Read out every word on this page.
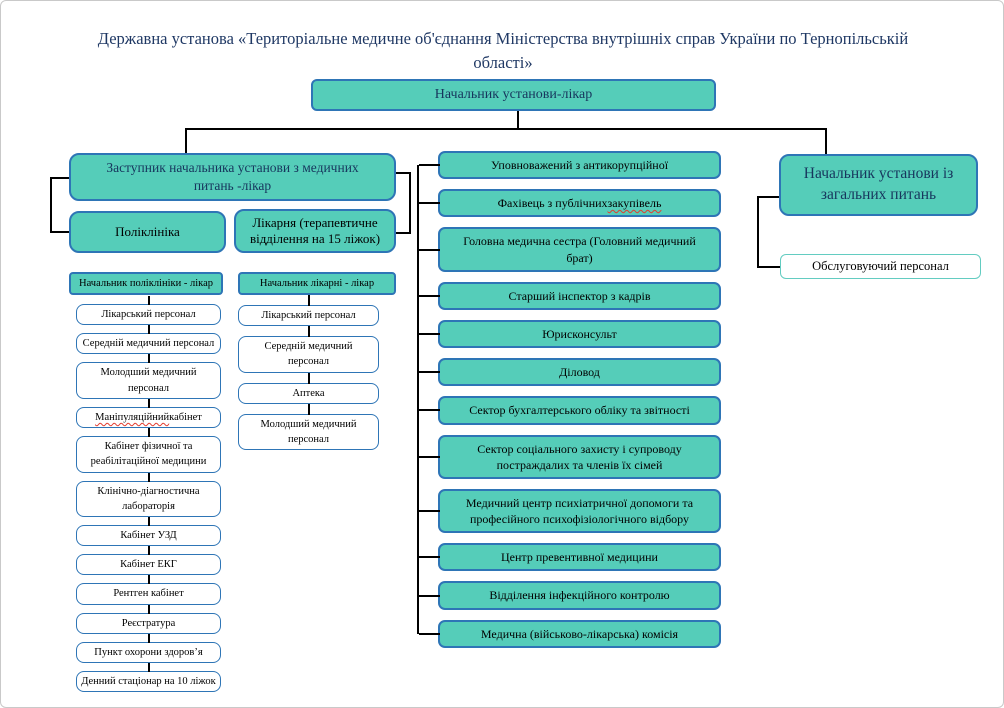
Державна установа «Територіальне медичне об'єднання Міністерства внутрішніх справ України по Тернопільській області»
Начальник установи-лікар
Заступник начальника установи з медичних питань -лікар
Поліклініка
Лікарня (терапевтичне відділення на 15 ліжок)
Начальник поліклініки - лікар	Начальник лікарні - лікар
Лікарський персонал
Середній медичний персонал
Молодший медичний персонал
Маніпуляційний кабінет
Кабінет фізичної та реабілітаційної медицини
Клінічно-діагностична лабораторія
Кабінет УЗД
Кабінет ЕКГ
Рентген кабінет
Реєстратура
Пункт охорони здоров’я
Денний стаціонар на 10 ліжок
Лікарський персонал
Середній медичний персонал
Аптека
Молодший медичний персонал
Уповноважений з антикорупційної
Фахівець з публічних закупівель
Головна медична сестра (Головний медичний брат)
Старший інспектор з кадрів
Юрисконсульт
Діловод
Сектор бухгалтерського обліку та звітності
Сектор соціального захисту і супроводу постраждалих та членів їх сімей
Медичний центр психіатричної допомоги та професійного психофізіологічного відбору
Центр превентивної медицини
Відділення інфекційного контролю
Медична (військово-лікарська) комісія
Начальник установи із загальних питань
Обслуговуючий персонал
